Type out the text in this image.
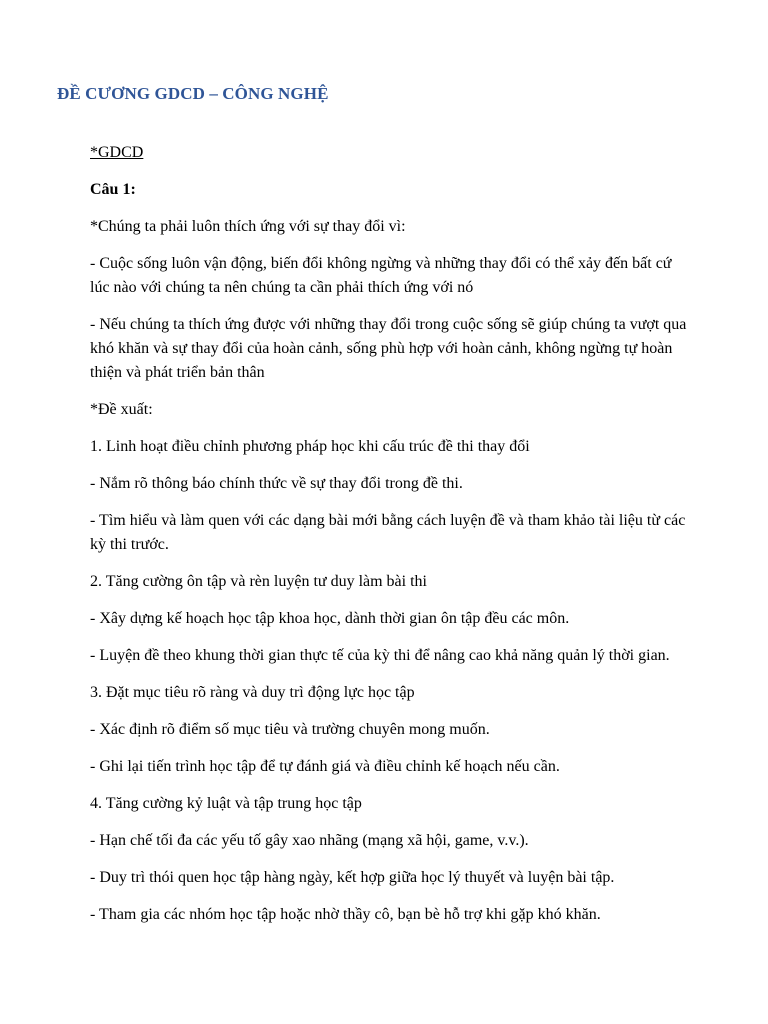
ĐỀ CƯƠNG GDCD – CÔNG NGHỆ

*GDCD

Câu 1:

*Chúng ta phải luôn thích ứng với sự thay đổi vì:

- Cuộc sống luôn vận động, biến đổi không ngừng và những thay đổi có thể xảy đến bất cứ lúc nào với chúng ta nên chúng ta cần phải thích ứng với nó

- Nếu chúng ta thích ứng được với những thay đổi trong cuộc sống sẽ giúp chúng ta vượt qua khó khăn và sự thay đổi của hoàn cảnh, sống phù hợp với hoàn cảnh, không ngừng tự hoàn thiện và phát triển bản thân

*Đề xuất:

1. Linh hoạt điều chỉnh phương pháp học khi cấu trúc đề thi thay đổi

- Nắm rõ thông báo chính thức về sự thay đổi trong đề thi.

- Tìm hiểu và làm quen với các dạng bài mới bằng cách luyện đề và tham khảo tài liệu từ các kỳ thi trước.

2. Tăng cường ôn tập và rèn luyện tư duy làm bài thi

- Xây dựng kế hoạch học tập khoa học, dành thời gian ôn tập đều các môn.

- Luyện đề theo khung thời gian thực tế của kỳ thi để nâng cao khả năng quản lý thời gian.

3. Đặt mục tiêu rõ ràng và duy trì động lực học tập

- Xác định rõ điểm số mục tiêu và trường chuyên mong muốn.

- Ghi lại tiến trình học tập để tự đánh giá và điều chỉnh kế hoạch nếu cần.

4. Tăng cường kỷ luật và tập trung học tập

- Hạn chế tối đa các yếu tố gây xao nhãng (mạng xã hội, game, v.v.).

- Duy trì thói quen học tập hàng ngày, kết hợp giữa học lý thuyết và luyện bài tập.

- Tham gia các nhóm học tập hoặc nhờ thầy cô, bạn bè hỗ trợ khi gặp khó khăn.
